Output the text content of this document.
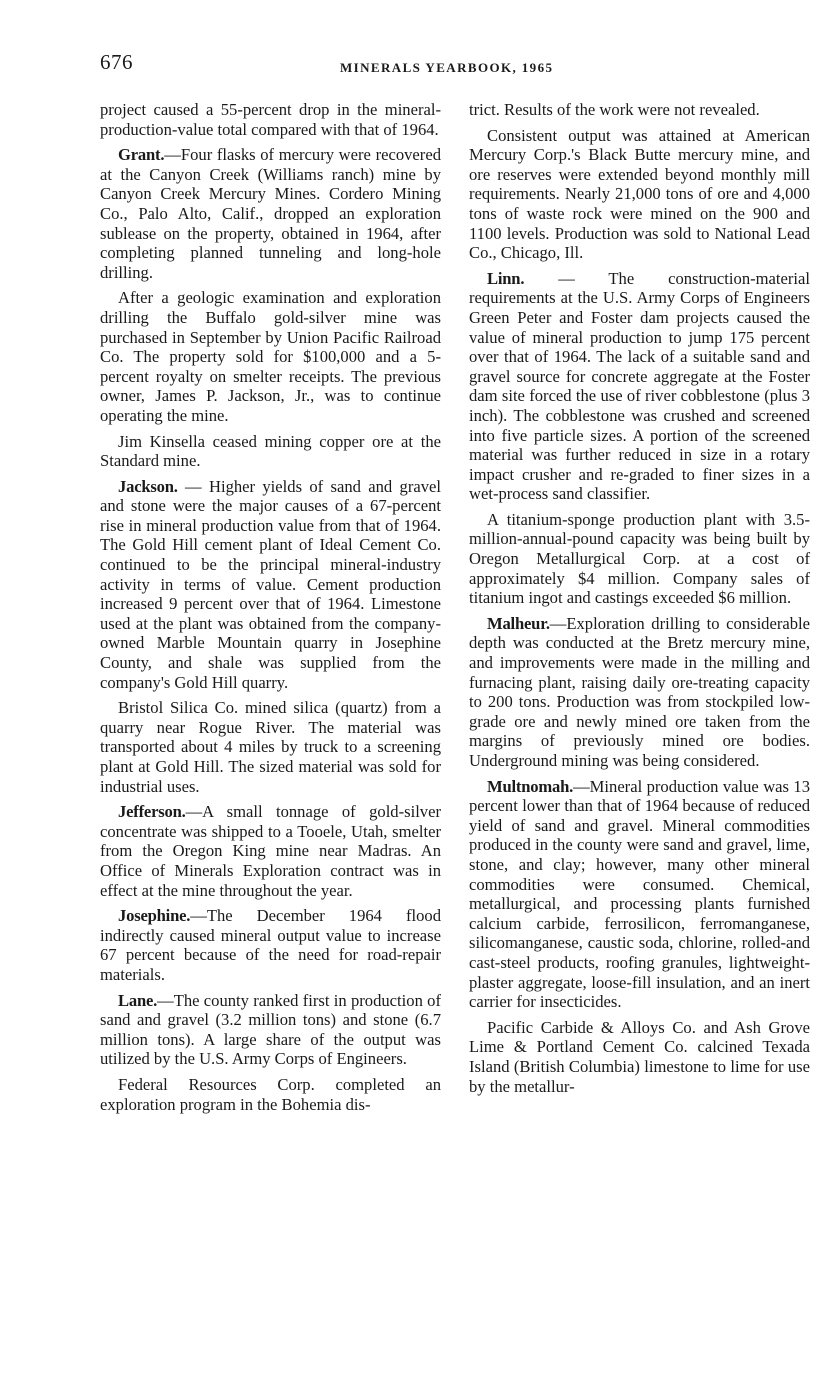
676	MINERALS YEARBOOK, 1965

project caused a 55-percent drop in the mineral-production-value total compared with that of 1964.

Grant.—Four flasks of mercury were recovered at the Canyon Creek (Williams ranch) mine by Canyon Creek Mercury Mines. Cordero Mining Co., Palo Alto, Calif., dropped an exploration sublease on the property, obtained in 1964, after completing planned tunneling and long-hole drilling.

After a geologic examination and exploration drilling the Buffalo gold-silver mine was purchased in September by Union Pacific Railroad Co. The property sold for $100,000 and a 5-percent royalty on smelter receipts. The previous owner, James P. Jackson, Jr., was to continue operating the mine.

Jim Kinsella ceased mining copper ore at the Standard mine.

Jackson. — Higher yields of sand and gravel and stone were the major causes of a 67-percent rise in mineral production value from that of 1964. The Gold Hill cement plant of Ideal Cement Co. continued to be the principal mineral-industry activity in terms of value. Cement production increased 9 percent over that of 1964. Limestone used at the plant was obtained from the company-owned Marble Mountain quarry in Josephine County, and shale was supplied from the company's Gold Hill quarry.

Bristol Silica Co. mined silica (quartz) from a quarry near Rogue River. The material was transported about 4 miles by truck to a screening plant at Gold Hill. The sized material was sold for industrial uses.

Jefferson.—A small tonnage of gold-silver concentrate was shipped to a Tooele, Utah, smelter from the Oregon King mine near Madras. An Office of Minerals Exploration contract was in effect at the mine throughout the year.

Josephine.—The December 1964 flood indirectly caused mineral output value to increase 67 percent because of the need for road-repair materials.

Lane.—The county ranked first in production of sand and gravel (3.2 million tons) and stone (6.7 million tons). A large share of the output was utilized by the U.S. Army Corps of Engineers.

Federal Resources Corp. completed an exploration program in the Bohemia dis-

trict. Results of the work were not revealed.

Consistent output was attained at American Mercury Corp.'s Black Butte mercury mine, and ore reserves were extended beyond monthly mill requirements. Nearly 21,000 tons of ore and 4,000 tons of waste rock were mined on the 900 and 1100 levels. Production was sold to National Lead Co., Chicago, Ill.

Linn. — The construction-material requirements at the U.S. Army Corps of Engineers Green Peter and Foster dam projects caused the value of mineral production to jump 175 percent over that of 1964. The lack of a suitable sand and gravel source for concrete aggregate at the Foster dam site forced the use of river cobblestone (plus 3 inch). The cobblestone was crushed and screened into five particle sizes. A portion of the screened material was further reduced in size in a rotary impact crusher and re-graded to finer sizes in a wet-process sand classifier.

A titanium-sponge production plant with 3.5-million-annual-pound capacity was being built by Oregon Metallurgical Corp. at a cost of approximately $4 million. Company sales of titanium ingot and castings exceeded $6 million.

Malheur.—Exploration drilling to considerable depth was conducted at the Bretz mercury mine, and improvements were made in the milling and furnacing plant, raising daily ore-treating capacity to 200 tons. Production was from stockpiled low-grade ore and newly mined ore taken from the margins of previously mined ore bodies. Underground mining was being considered.

Multnomah.—Mineral production value was 13 percent lower than that of 1964 because of reduced yield of sand and gravel. Mineral commodities produced in the county were sand and gravel, lime, stone, and clay; however, many other mineral commodities were consumed. Chemical, metallurgical, and processing plants furnished calcium carbide, ferrosilicon, ferromanganese, silicomanganese, caustic soda, chlorine, rolled-and cast-steel products, roofing granules, lightweight-plaster aggregate, loose-fill insulation, and an inert carrier for insecticides.

Pacific Carbide & Alloys Co. and Ash Grove Lime & Portland Cement Co. calcined Texada Island (British Columbia) limestone to lime for use by the metallur-
